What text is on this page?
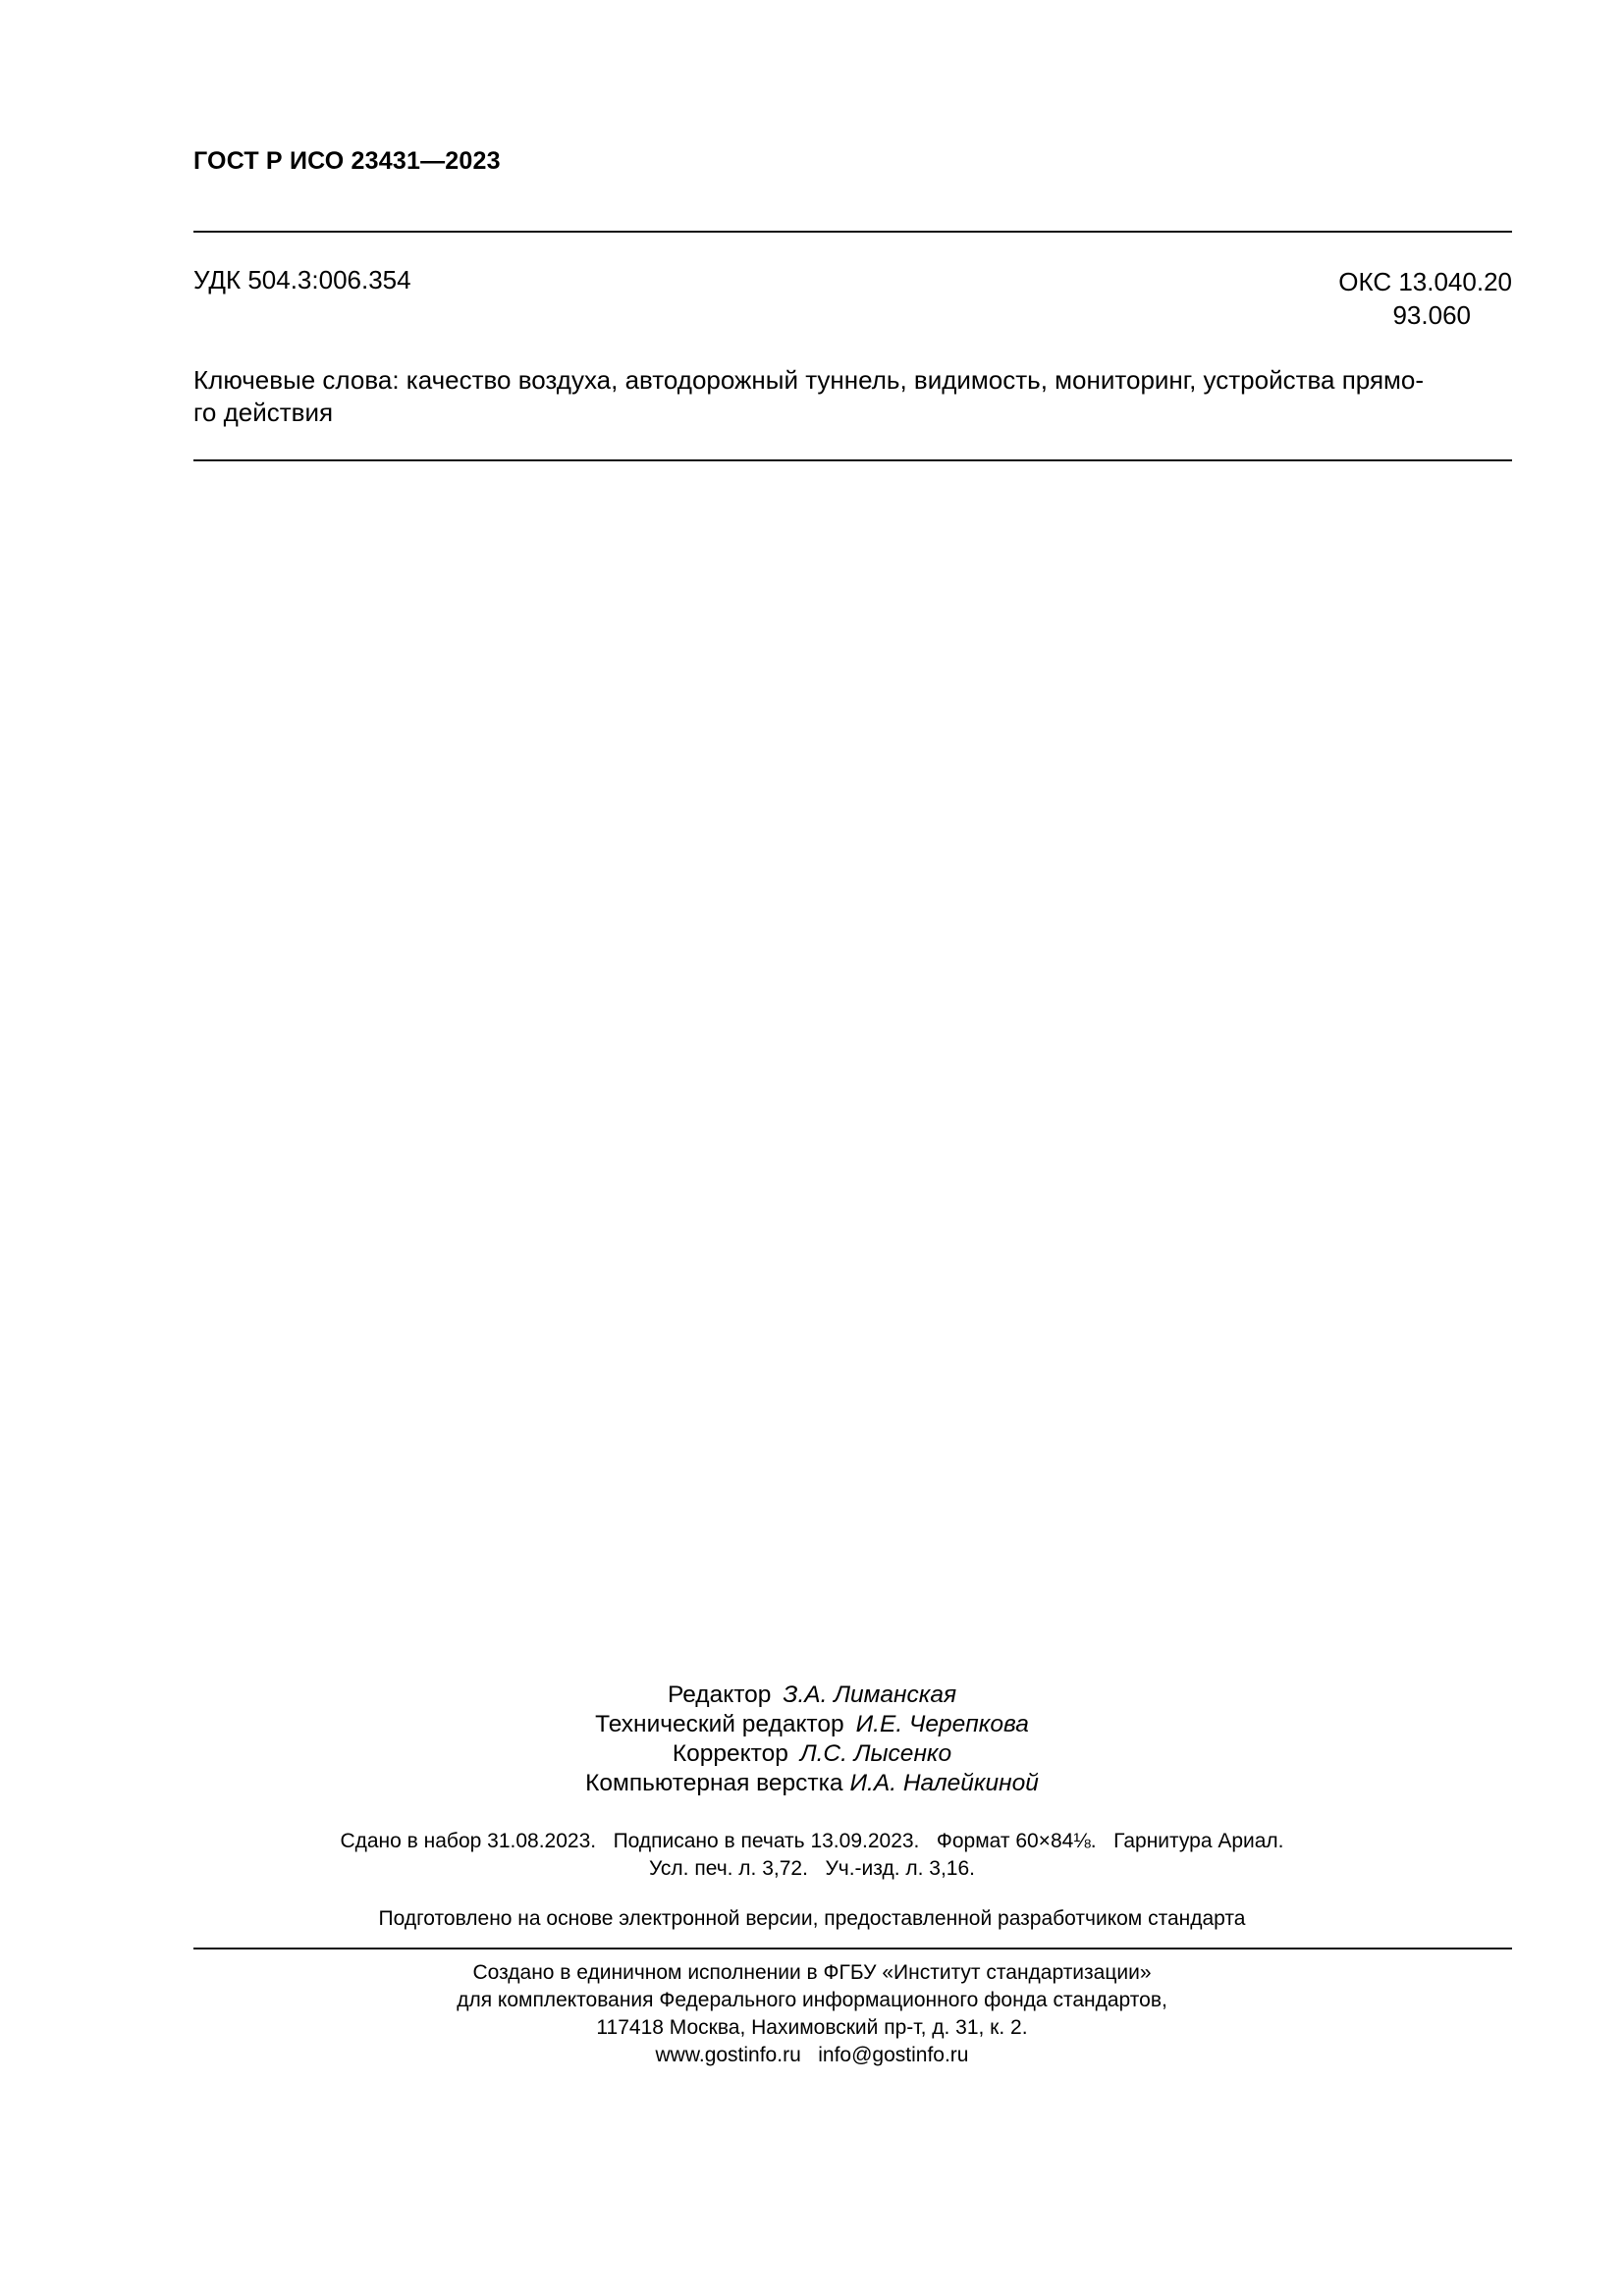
ГОСТ Р ИСО 23431—2023
УДК 504.3:006.354	ОКС 13.040.20
93.060
Ключевые слова: качество воздуха, автодорожный туннель, видимость, мониторинг, устройства прямо-
го действия
Редактор З.А. Лиманская
Технический редактор И.Е. Черепкова
Корректор Л.С. Лысенко
Компьютерная верстка И.А. Налейкиной
Сдано в набор 31.08.2023.   Подписано в печать 13.09.2023.   Формат 60×84⅛.   Гарнитура Ариал.
Усл. печ. л. 3,72.   Уч.-изд. л. 3,16.
Подготовлено на основе электронной версии, предоставленной разработчиком стандарта
Создано в единичном исполнении в ФГБУ «Институт стандартизации»
для комплектования Федерального информационного фонда стандартов,
117418 Москва, Нахимовский пр-т, д. 31, к. 2.
www.gostinfo.ru   info@gostinfo.ru
